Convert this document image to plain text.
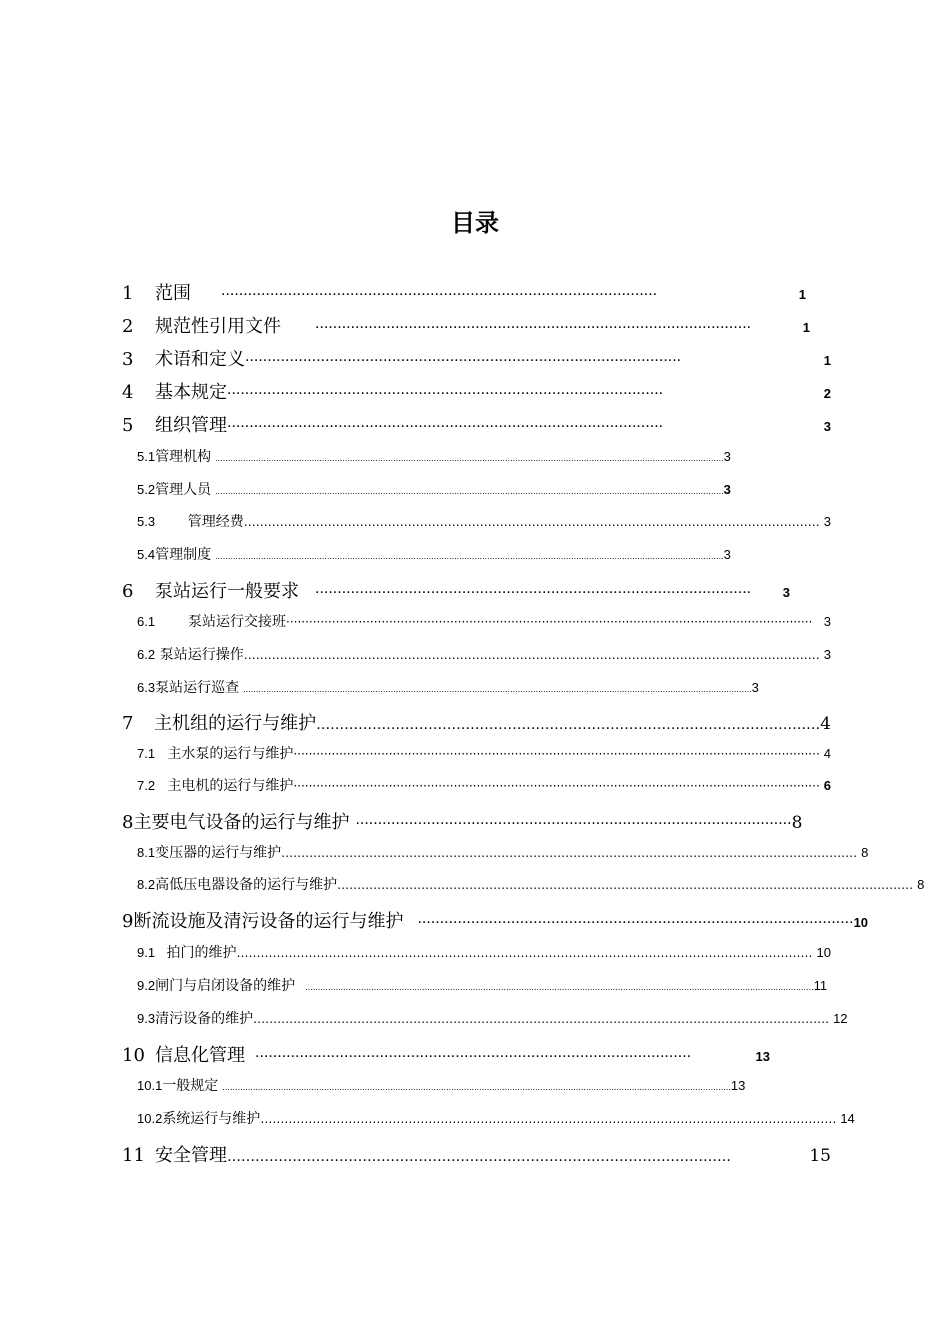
目录
1	范围 ··································································································	1
2	规范性引用文件 ··································································································	1
3	术语和定义 ··································································································	1
4	基本规定 ··································································································	2
5	组织管理 ··································································································	3
5.1 管理机构 ........................................................................................................................................................................................................ 3
5.2 管理人员 ........................................................................................................................................................................................................ 3
5.3	管理经费 ……………………………………………………………………………………………………………………………… 3
5.4 管理制度 ........................................................................................................................................................................................................ 3
6	泵站运行一般要求 ··································································································	3
6.1	泵站运行交接班 ·········································································································································· 3
6.2 泵站运行操作 ……………………………………………………………………………………………………………………………… 3
6.3 泵站运行巡查 ........................................................................................................................................................................................................ 3
7	主机组的运行与维护 ……………………………………………………………………………………………… 4
7.1 主水泵的运行与维护 ·········································································································································· 4
7.2 主电机的运行与维护 ·········································································································································· 6
8 主要电气设备的运行与维护 ·································································································· 8
8.1 变压器的运行与维护 ……………………………………………………………………………………………………………………………… 8
8.2 高低压电器设备的运行与维护 ……………………………………………………………………………………………………………………………… 8
9 断流设施及清污设备的运行与维护 ·································································································· 10
9.1 拍门的维护 ……………………………………………………………………………………………………………………………… 10
9.2 闸门与启闭设备的维护 ........................................................................................................................................................................................................ 11
9.3 清污设备的维护 ……………………………………………………………………………………………………………………………… 12
10 信息化管理 ··································································································	13
10.1 一般规定 ........................................................................................................................................................................................................ 13
10.2 系统运行与维护 ……………………………………………………………………………………………………………………………… 14
11 安全管理 ………………………………………………………………………………………………	15
